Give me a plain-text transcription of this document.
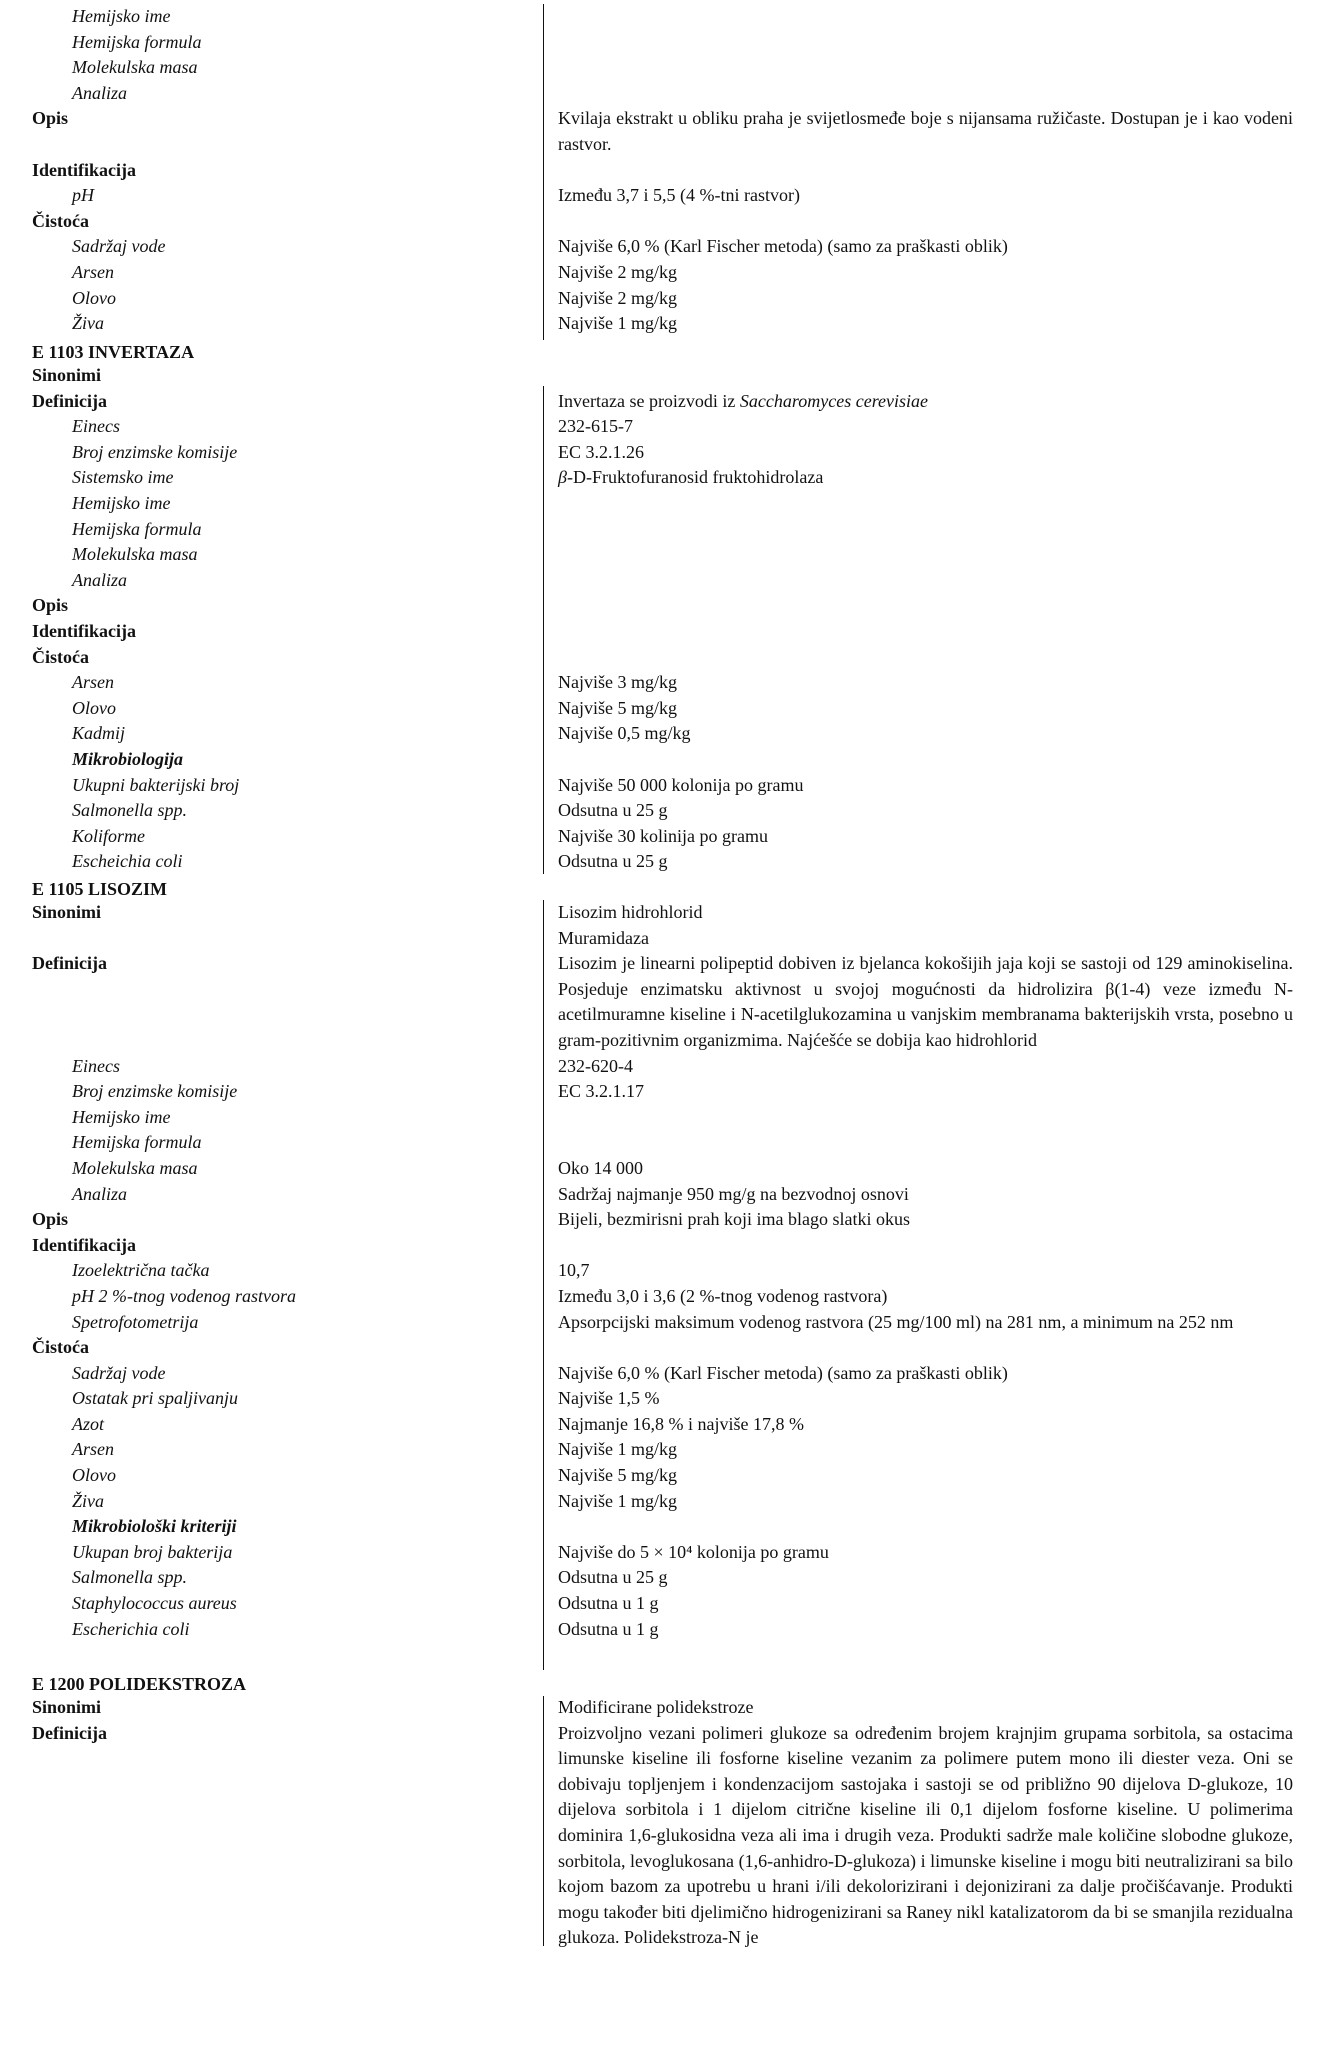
Hemijsko ime
Hemijska formula
Molekulska masa
Analiza
Opis	Kvilaja ekstrakt u obliku praha je svijetlosmeđe boje s nijansama ružičaste. Dostupan je i kao vodeni rastvor.
Identifikacija
pH	Između 3,7 i 5,5 (4 %-tni rastvor)
Čistoća
Sadržaj vode	Najviše 6,0 % (Karl Fischer metoda) (samo za praškasti oblik)
Arsen	Najviše 2 mg/kg
Olovo	Najviše 2 mg/kg
Živa	Najviše 1 mg/kg
E 1103 INVERTAZA
Sinonimi
Definicija	Invertaza se proizvodi iz Saccharomyces cerevisiae
Einecs	232-615-7
Broj enzimske komisije	EC 3.2.1.26
Sistemsko ime	β-D-Fruktofuranosid fruktohidrolaza
Hemijsko ime
Hemijska formula
Molekulska masa
Analiza
Opis
Identifikacija
Čistoća
Arsen	Najviše 3 mg/kg
Olovo	Najviše 5 mg/kg
Kadmij	Najviše 0,5 mg/kg
Mikrobiologija
Ukupni bakterijski broj	Najviše 50 000 kolonija po gramu
Salmonella spp.	Odsutna u 25 g
Koliforme	Najviše 30 kolinija po gramu
Escheichia coli	Odsutna u 25 g
E 1105 LISOZIM
Sinonimi	Lisozim hidrohlorid
Muramidaza
Definicija	Lisozim je linearni polipeptid dobiven iz bjelanca kokošijih jaja koji se sastoji od 129 aminokiselina. Posjeduje enzimatsku aktivnost u svojoj mogućnosti da hidrolizira β(1-4) veze između N-acetilmuramne kiseline i N-acetilglukozamina u vanjskim membranama bakterijskih vrsta, posebno u gram-pozitivnim organizmima. Najćešće se dobija kao hidrohlorid
Einecs	232-620-4
Broj enzimske komisije	EC 3.2.1.17
Hemijsko ime
Hemijska formula
Molekulska masa	Oko 14 000
Analiza	Sadržaj najmanje 950 mg/g na bezvodnoj osnovi
Opis	Bijeli, bezmirisni prah koji ima blago slatki okus
Identifikacija
Izoelektrična tačka	10,7
pH 2 %-tnog vodenog rastvora	Između 3,0 i 3,6 (2 %-tnog vodenog rastvora)
Spetrofotometrija	Apsorpcijski maksimum vodenog rastvora (25 mg/100 ml) na 281 nm, a minimum na 252 nm
Čistoća
Sadržaj vode	Najviše 6,0 % (Karl Fischer metoda) (samo za praškasti oblik)
Ostatak pri spaljivanju	Najviše 1,5 %
Azot	Najmanje 16,8 % i najviše 17,8 %
Arsen	Najviše 1 mg/kg
Olovo	Najviše 5 mg/kg
Živa	Najviše 1 mg/kg
Mikrobiološki kriteriji
Ukupan broj bakterija	Najviše do 5 × 10⁴ kolonija po gramu
Salmonella spp.	Odsutna u 25 g
Staphylococcus aureus	Odsutna u 1 g
Escherichia coli	Odsutna u 1 g
E 1200 POLIDEKSTROZA
Sinonimi	Modificirane polidekstroze
Definicija	Proizvoljno vezani polimeri glukoze sa određenim brojem krajnjim grupama sorbitola, sa ostacima limunske kiseline ili fosforne kiseline vezanim za polimere putem mono ili diester veza. Oni se dobivaju topljenjem i kondenzacijom sastojaka i sastoji se od približno 90 dijelova D-glukoze, 10 dijelova sorbitola i 1 dijelom citrične kiseline ili 0,1 dijelom fosforne kiseline. U polimerima dominira 1,6-glukosidna veza ali ima i drugih veza. Produkti sadrže male količine slobodne glukoze, sorbitola, levoglukosana (1,6-anhidro-D-glukoza) i limunske kiseline i mogu biti neutralizirani sa bilo kojom bazom za upotrebu u hrani i/ili dekolorizirani i dejonizirani za dalje pročišćavanje. Produkti mogu također biti djelimično hidrogenizirani sa Raney nikl katalizatorom da bi se smanjila rezidualna glukoza. Polidekstroza-N je
